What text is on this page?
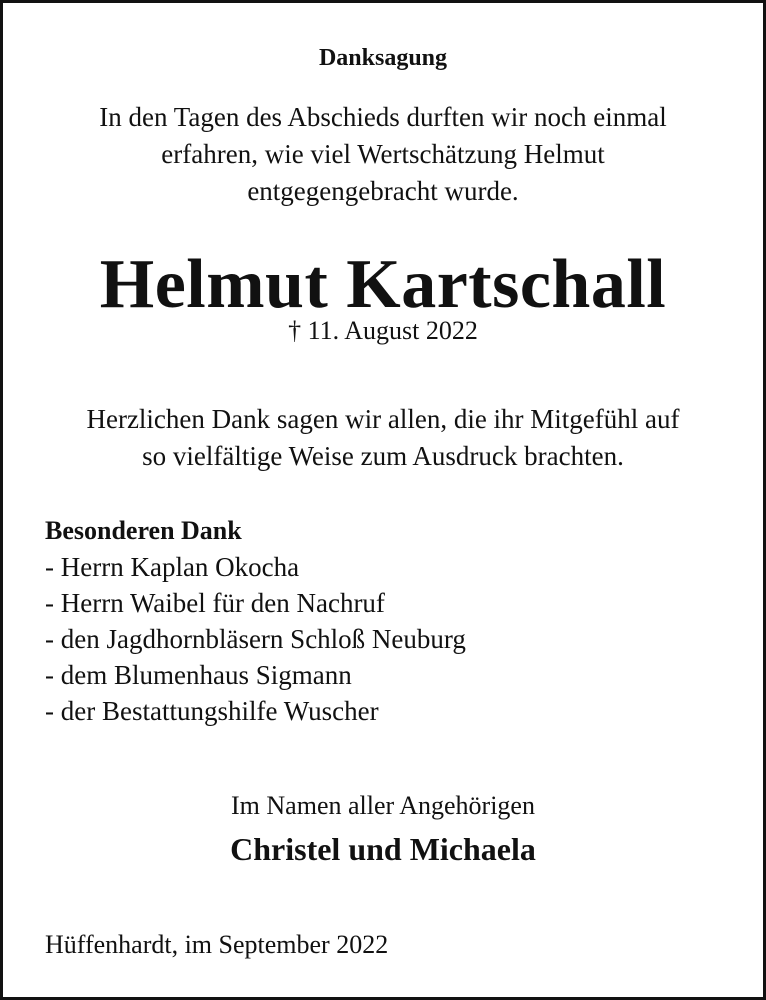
Danksagung
In den Tagen des Abschieds durften wir noch einmal
erfahren, wie viel Wertschätzung Helmut
entgegengebracht wurde.
Helmut Kartschall
† 11. August 2022
Herzlichen Dank sagen wir allen, die ihr Mitgefühl auf
so vielfältige Weise zum Ausdruck brachten.
Besonderen Dank
- Herrn Kaplan Okocha
- Herrn Waibel für den Nachruf
- den Jagdhornbläsern Schloß Neuburg
- dem Blumenhaus Sigmann
- der Bestattungshilfe Wuscher
Im Namen aller Angehörigen
Christel und Michaela
Hüffenhardt, im September 2022
